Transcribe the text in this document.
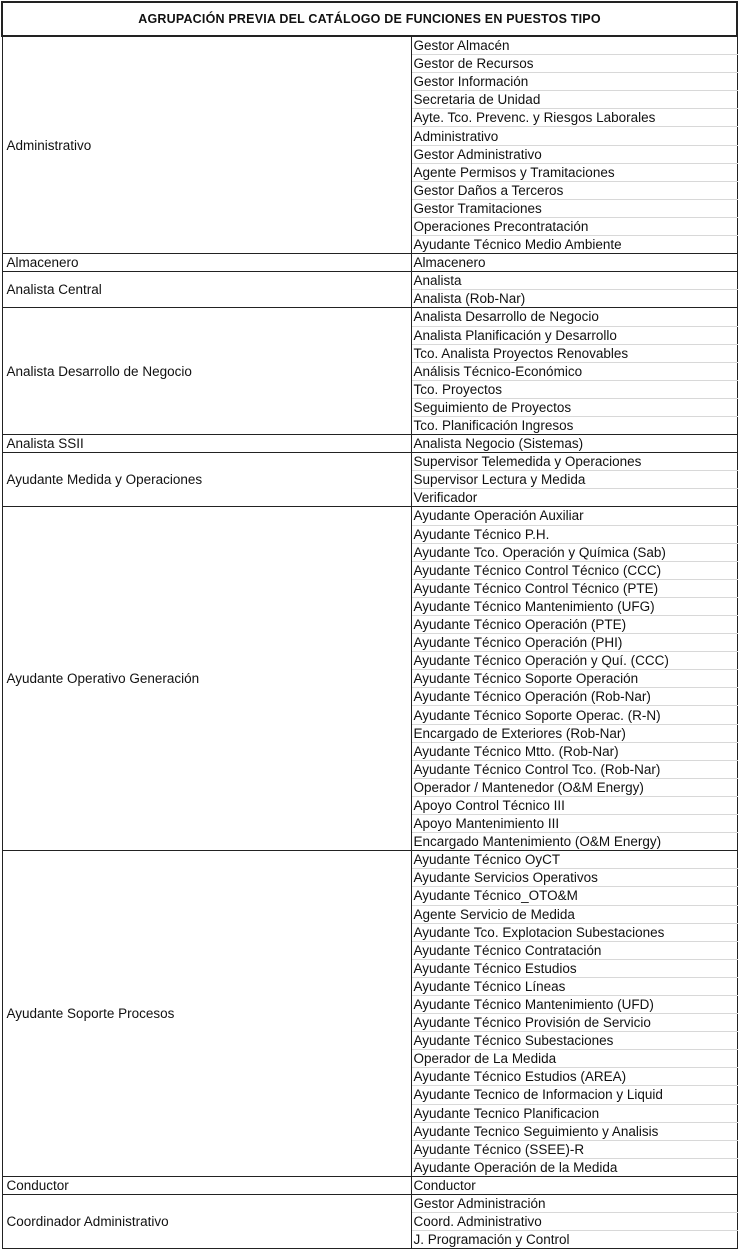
AGRUPACIÓN PREVIA DEL CATÁLOGO DE FUNCIONES EN PUESTOS TIPO	
Administrativo	Gestor Almacén
	Gestor de Recursos
	Gestor Información
	Secretaria de Unidad
	Ayte. Tco. Prevenc. y Riesgos Laborales
	Administrativo
	Gestor Administrativo
	Agente Permisos y Tramitaciones
	Gestor Daños a Terceros
	Gestor Tramitaciones
	Operaciones Precontratación
	Ayudante Técnico Medio Ambiente
Almacenero	Almacenero
Analista Central	Analista
	Analista (Rob-Nar)
Analista Desarrollo de Negocio	Analista Desarrollo de Negocio
	Analista Planificación y Desarrollo
	Tco. Analista Proyectos Renovables
	Análisis Técnico-Económico
	Tco. Proyectos
	Seguimiento de Proyectos
	Tco. Planificación Ingresos
Analista SSII	Analista Negocio (Sistemas)
Ayudante Medida y Operaciones	Supervisor Telemedida y Operaciones
	Supervisor Lectura y Medida
	Verificador
Ayudante Operativo Generación	Ayudante Operación Auxiliar
	Ayudante Técnico P.H.
	Ayudante Tco. Operación y Química (Sab)
	Ayudante Técnico Control Técnico (CCC)
	Ayudante Técnico Control Técnico (PTE)
	Ayudante Técnico Mantenimiento (UFG)
	Ayudante Técnico Operación (PTE)
	Ayudante Técnico Operación (PHI)
	Ayudante Técnico Operación y Quí. (CCC)
	Ayudante Técnico Soporte Operación
	Ayudante Técnico Operación (Rob-Nar)
	Ayudante Técnico Soporte Operac. (R-N)
	Encargado de Exteriores (Rob-Nar)
	Ayudante Técnico Mtto. (Rob-Nar)
	Ayudante Técnico Control Tco. (Rob-Nar)
	Operador / Mantenedor (O&M Energy)
	Apoyo Control Técnico III
	Apoyo Mantenimiento III
	Encargado Mantenimiento (O&M Energy)
Ayudante Soporte Procesos	Ayudante Técnico OyCT
	Ayudante Servicios Operativos
	Ayudante Técnico_OTO&M
	Agente Servicio de Medida
	Ayudante Tco. Explotacion Subestaciones
	Ayudante Técnico Contratación
	Ayudante Técnico Estudios
	Ayudante Técnico Líneas
	Ayudante Técnico Mantenimiento (UFD)
	Ayudante Técnico Provisión de Servicio
	Ayudante Técnico Subestaciones
	Operador de La Medida
	Ayudante Técnico Estudios (AREA)
	Ayudante Tecnico de Informacion y Liquid
	Ayudante Tecnico Planificacion
	Ayudante Tecnico Seguimiento y Analisis
	Ayudante Técnico (SSEE)-R
	Ayudante Operación de la Medida
Conductor	Conductor
Coordinador Administrativo	Gestor Administración
	Coord. Administrativo
	J. Programación y Control
